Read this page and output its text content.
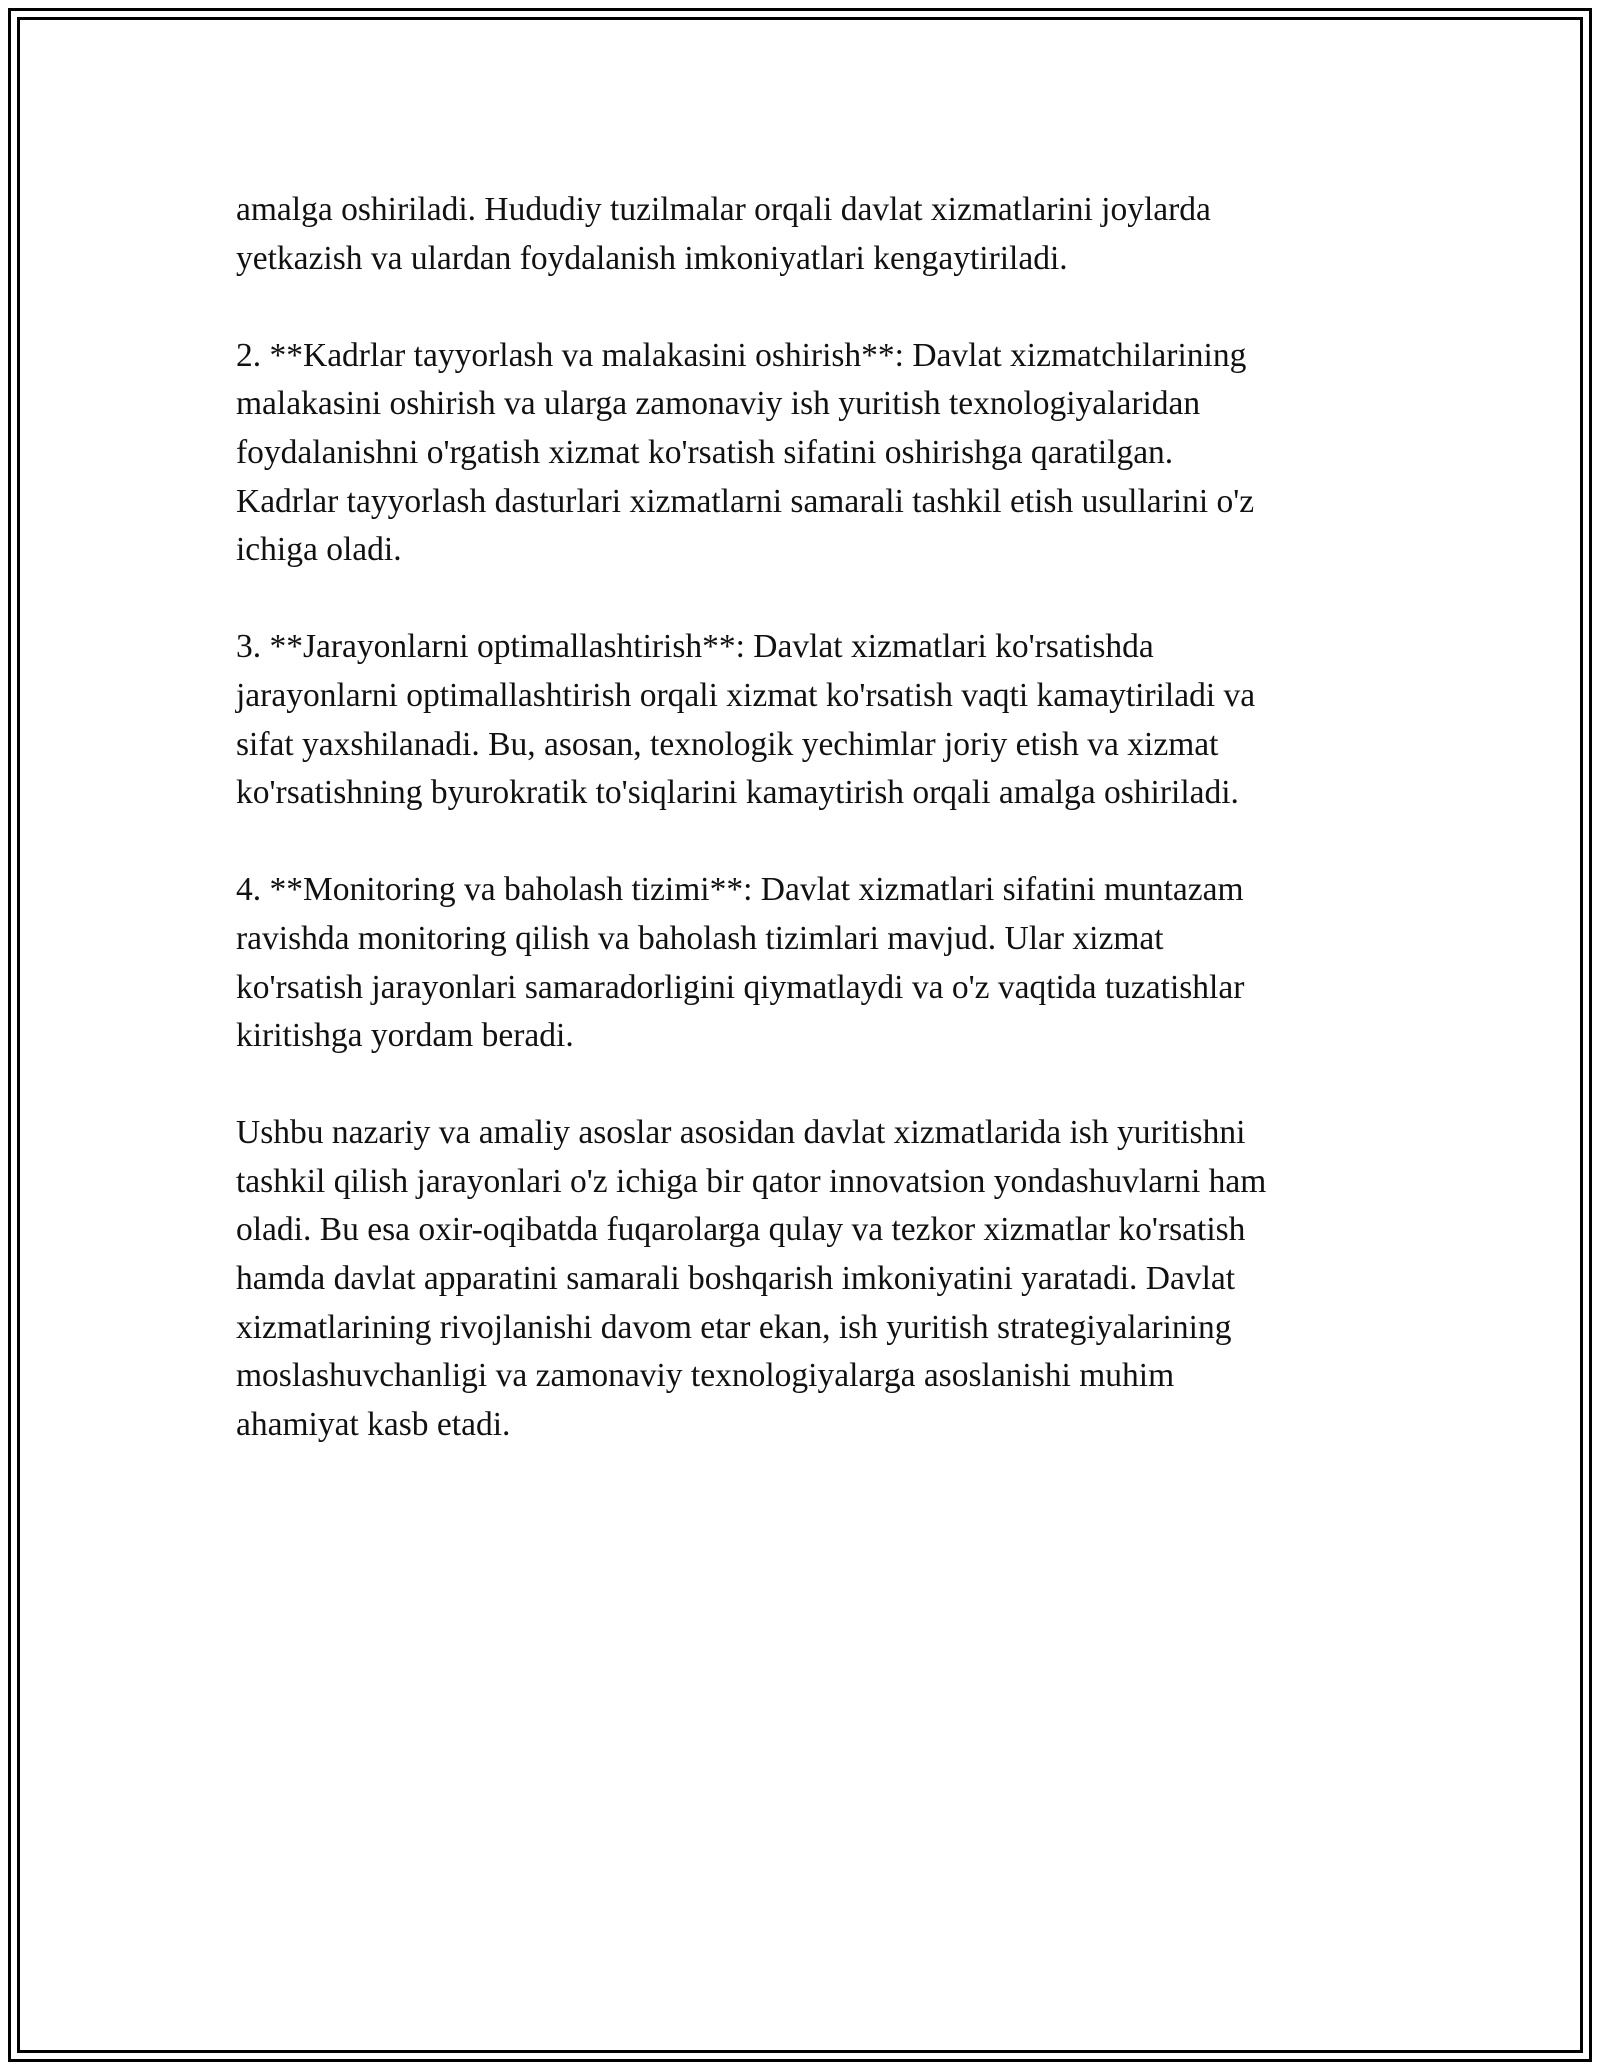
amalga oshiriladi. Hududiy tuzilmalar orqali davlat xizmatlarini joylarda
yetkazish va ulardan foydalanish imkoniyatlari kengaytiriladi.

2. **Kadrlar tayyorlash va malakasini oshirish**: Davlat xizmatchilarining
malakasini oshirish va ularga zamonaviy ish yuritish texnologiyalaridan
foydalanishni o'rgatish xizmat ko'rsatish sifatini oshirishga qaratilgan.
Kadrlar tayyorlash dasturlari xizmatlarni samarali tashkil etish usullarini o'z
ichiga oladi.

3. **Jarayonlarni optimallashtirish**: Davlat xizmatlari ko'rsatishda
jarayonlarni optimallashtirish orqali xizmat ko'rsatish vaqti kamaytiriladi va
sifat yaxshilanadi. Bu, asosan, texnologik yechimlar joriy etish va xizmat
ko'rsatishning byurokratik to'siqlarini kamaytirish orqali amalga oshiriladi.

4. **Monitoring va baholash tizimi**: Davlat xizmatlari sifatini muntazam
ravishda monitoring qilish va baholash tizimlari mavjud. Ular xizmat
ko'rsatish jarayonlari samaradorligini qiymatlaydi va o'z vaqtida tuzatishlar
kiritishga yordam beradi.

Ushbu nazariy va amaliy asoslar asosidan davlat xizmatlarida ish yuritishni
tashkil qilish jarayonlari o'z ichiga bir qator innovatsion yondashuvlarni ham
oladi. Bu esa oxir-oqibatda fuqarolarga qulay va tezkor xizmatlar ko'rsatish
hamda davlat apparatini samarali boshqarish imkoniyatini yaratadi. Davlat
xizmatlarining rivojlanishi davom etar ekan, ish yuritish strategiyalarining
moslashuvchanligi va zamonaviy texnologiyalarga asoslanishi muhim
ahamiyat kasb etadi.
